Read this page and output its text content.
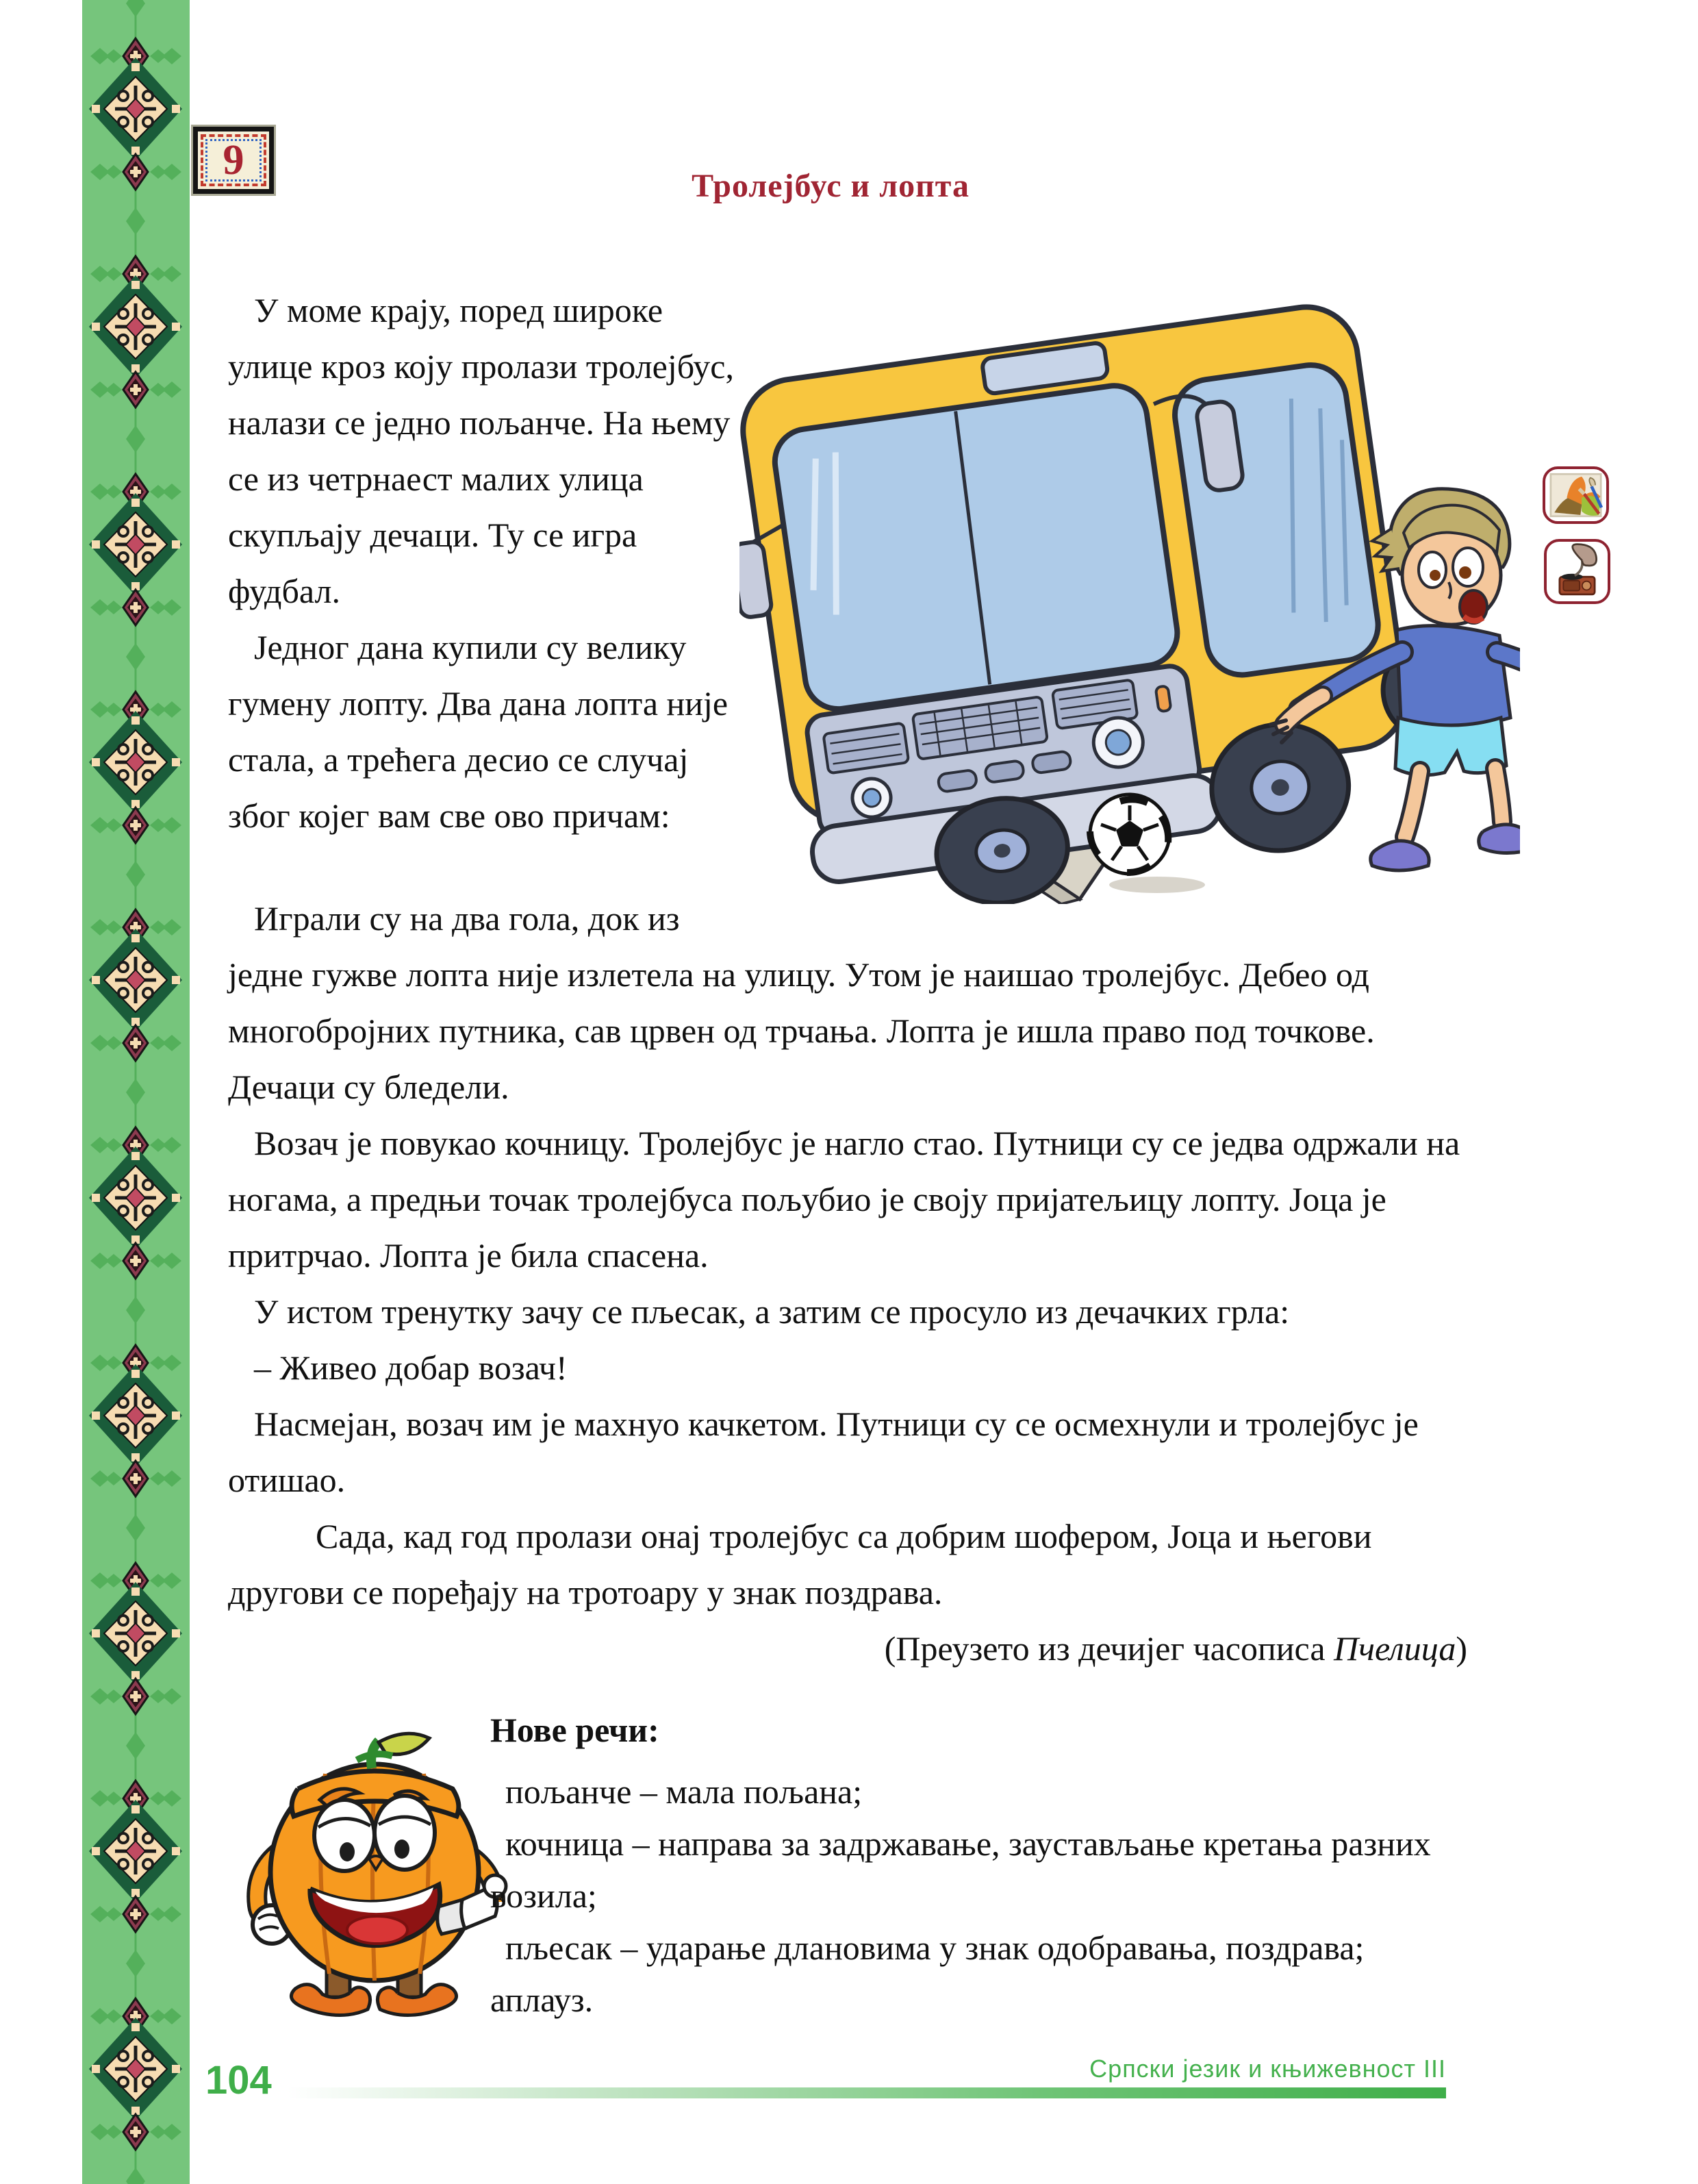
9
Тролејбус и лопта

У моме крају, поред широке улице кроз коју пролази тролејбус, налази се једно пољанче. На њему се из четрнаест малих улица скупљају дечаци. Ту се игра фудбал.

Једног дана купили су велику гумену лопту. Два дана лопта није стала, а трећега десио се случај због којег вам све ово причам:

Играли су на два гола, док из

једне гужве лопта није излетела на улицу. Утом је наишао тролејбус. Дебео од многобројних путника, сав црвен од трчања. Лопта је ишла право под точкове. Дечаци су бледели.

Возач је повукао кочницу. Тролејбус је нагло стао. Путници су се једва одржали на ногама, а предњи точак тролејбуса пољубио је своју пријатељицу лопту. Јоца је притрчао. Лопта је била спасена.

У истом тренутку зачу се пљесак, а затим се просуло из дечачких грла:

– Живео добар возач!

Насмејан, возач им је махнуо качкетом. Путници су се осмехнули и тролејбус је отишао.

Сада, кад год пролази онај тролејбус са добрим шофером, Јоца и његови другови се поређају на тротоару у знак поздрава.

(Преузето из дечијег часописа Пчелица)

Нове речи:

пољанче – мала пољана;

кочница – направа за задржавање, заустављање кретања разних возила;

пљесак – ударање длановима у знак одобравања, поздрава; аплауз.

104	Српски језик и књижевност III
